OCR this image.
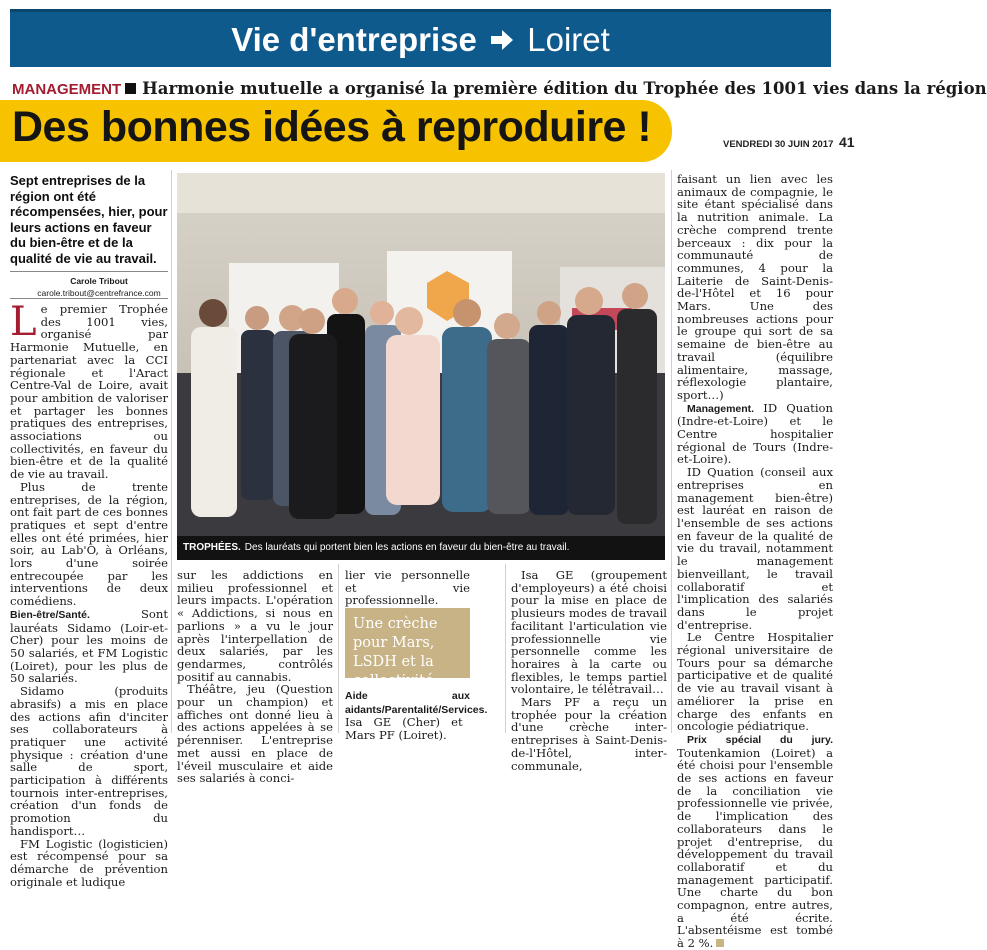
Vie d'entreprise Loiret
MANAGEMENT Harmonie mutuelle a organisé la première édition du Trophée des 1001 vies dans la région
Des bonnes idées à reproduire !	VENDREDI 30 JUIN 2017 41
Sept entreprises de la région ont été récompensées, hier, pour leurs actions en faveur du bien-être et de la qualité de vie au travail.
Carole Tribout
carole.tribout@centrefrance.com

Le premier Trophée des 1001 vies, organisé par Harmonie Mutuelle, en partenariat avec la CCI régionale et l'Aract Centre-Val de Loire, avait pour ambition de valoriser et partager les bonnes pratiques des entreprises, associations ou collectivités, en faveur du bien-être et de la qualité de vie au travail.

Plus de trente entreprises, de la région, ont fait part de ces bonnes pratiques et sept d'entre elles ont été primées, hier soir, au Lab'O, à Orléans, lors d'une soirée entrecoupée par les interventions de deux comédiens.

Bien-être/Santé. Sont lauréats Sidamo (Loir-et-Cher) pour les moins de 50 salariés, et FM Logistic (Loiret), pour les plus de 50 salariés.

Sidamo (produits abrasifs) a mis en place des actions afin d'inciter ses collaborateurs à pratiquer une activité physique : création d'une salle de sport, participation à différents tournois inter-entreprises, création d'un fonds de promotion du handisport…

FM Logistic (logisticien) est récompensé pour sa démarche de prévention originale et ludique

TROPHÉES. Des lauréats qui portent bien les actions en faveur du bien-être au travail.

sur les addictions en milieu professionnel et leurs impacts. L'opération « Addictions, si nous en parlions » a vu le jour après l'interpellation de deux salariés, par les gendarmes, contrôlés positif au cannabis.

Théâtre, jeu (Question pour un champion) et affiches ont donné lieu à des actions appelées à se pérenniser. L'entreprise met aussi en place de l'éveil musculaire et aide ses salariés à conci-

lier vie personnelle et vie professionnelle.

Une crèche pour Mars, LSDH et la collectivité

Aide aux aidants/Parentalité/Services. Isa GE (Cher) et Mars PF (Loiret).

Isa GE (groupement d'employeurs) a été choisi pour la mise en place de plusieurs modes de travail facilitant l'articulation vie professionnelle vie personnelle comme les horaires à la carte ou flexibles, le temps partiel volontaire, le télétravail…

Mars PF a reçu un trophée pour la création d'une crèche inter-entreprises à Saint-Denis-de-l'Hôtel, inter-communale,

faisant un lien avec les animaux de compagnie, le site étant spécialisé dans la nutrition animale. La crèche comprend trente berceaux : dix pour la communauté de communes, 4 pour la Laiterie de Saint-Denis-de-l'Hôtel et 16 pour Mars. Une des nombreuses actions pour le groupe qui sort de sa semaine de bien-être au travail (équilibre alimentaire, massage, réflexologie plantaire, sport…)

Management. ID Quation (Indre-et-Loire) et le Centre hospitalier régional de Tours (Indre-et-Loire).

ID Quation (conseil aux entreprises en management bien-être) est lauréat en raison de l'ensemble de ses actions en faveur de la qualité de vie du travail, notamment le management bienveillant, le travail collaboratif et l'implication des salariés dans le projet d'entreprise.

Le Centre Hospitalier régional universitaire de Tours pour sa démarche participative et de qualité de vie au travail visant à améliorer la prise en charge des enfants en oncologie pédiatrique.

Prix spécial du jury. Toutenkamion (Loiret) a été choisi pour l'ensemble de ses actions en faveur de la conciliation vie professionnelle vie privée, de l'implication des collaborateurs dans le projet d'entreprise, du développement du travail collaboratif et du management participatif. Une charte du bon compagnon, entre autres, a été écrite. L'absentéisme est tombé à 2 %.
